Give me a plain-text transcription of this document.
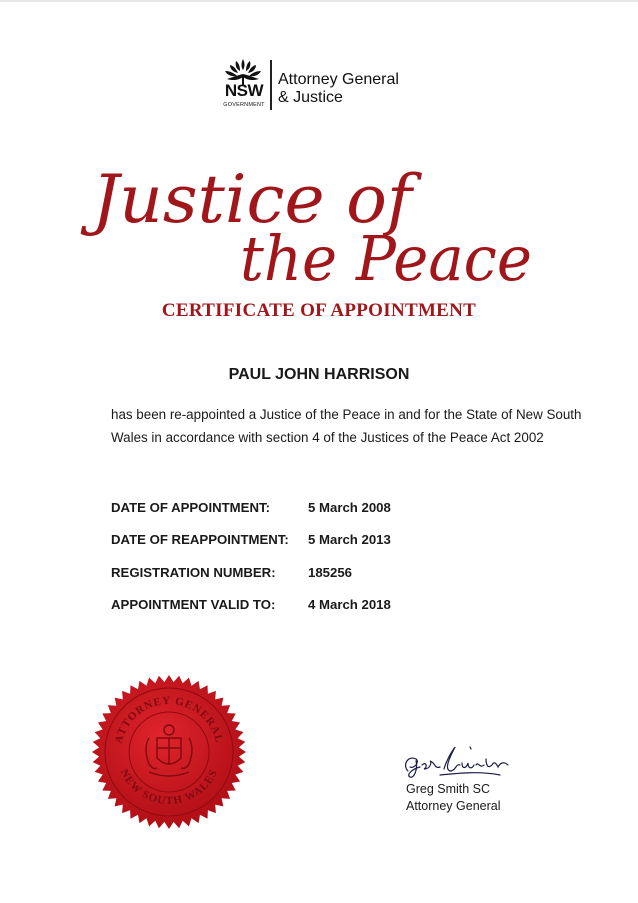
NSW
GOVERNMENT
Attorney General
& Justice
Justice of
the Peace
CERTIFICATE OF APPOINTMENT
PAUL JOHN HARRISON
has been re-appointed a Justice of the Peace in and for the State of New South
Wales in accordance with section 4 of the Justices of the Peace Act 2002
DATE OF APPOINTMENT:	5 March 2008
DATE OF REAPPOINTMENT: 5 March 2013
REGISTRATION NUMBER: 185256
APPOINTMENT VALID TO: 4 March 2018
ATTORNEY GENERAL
NEW SOUTH WALES
Greg Smith SC
Attorney General
